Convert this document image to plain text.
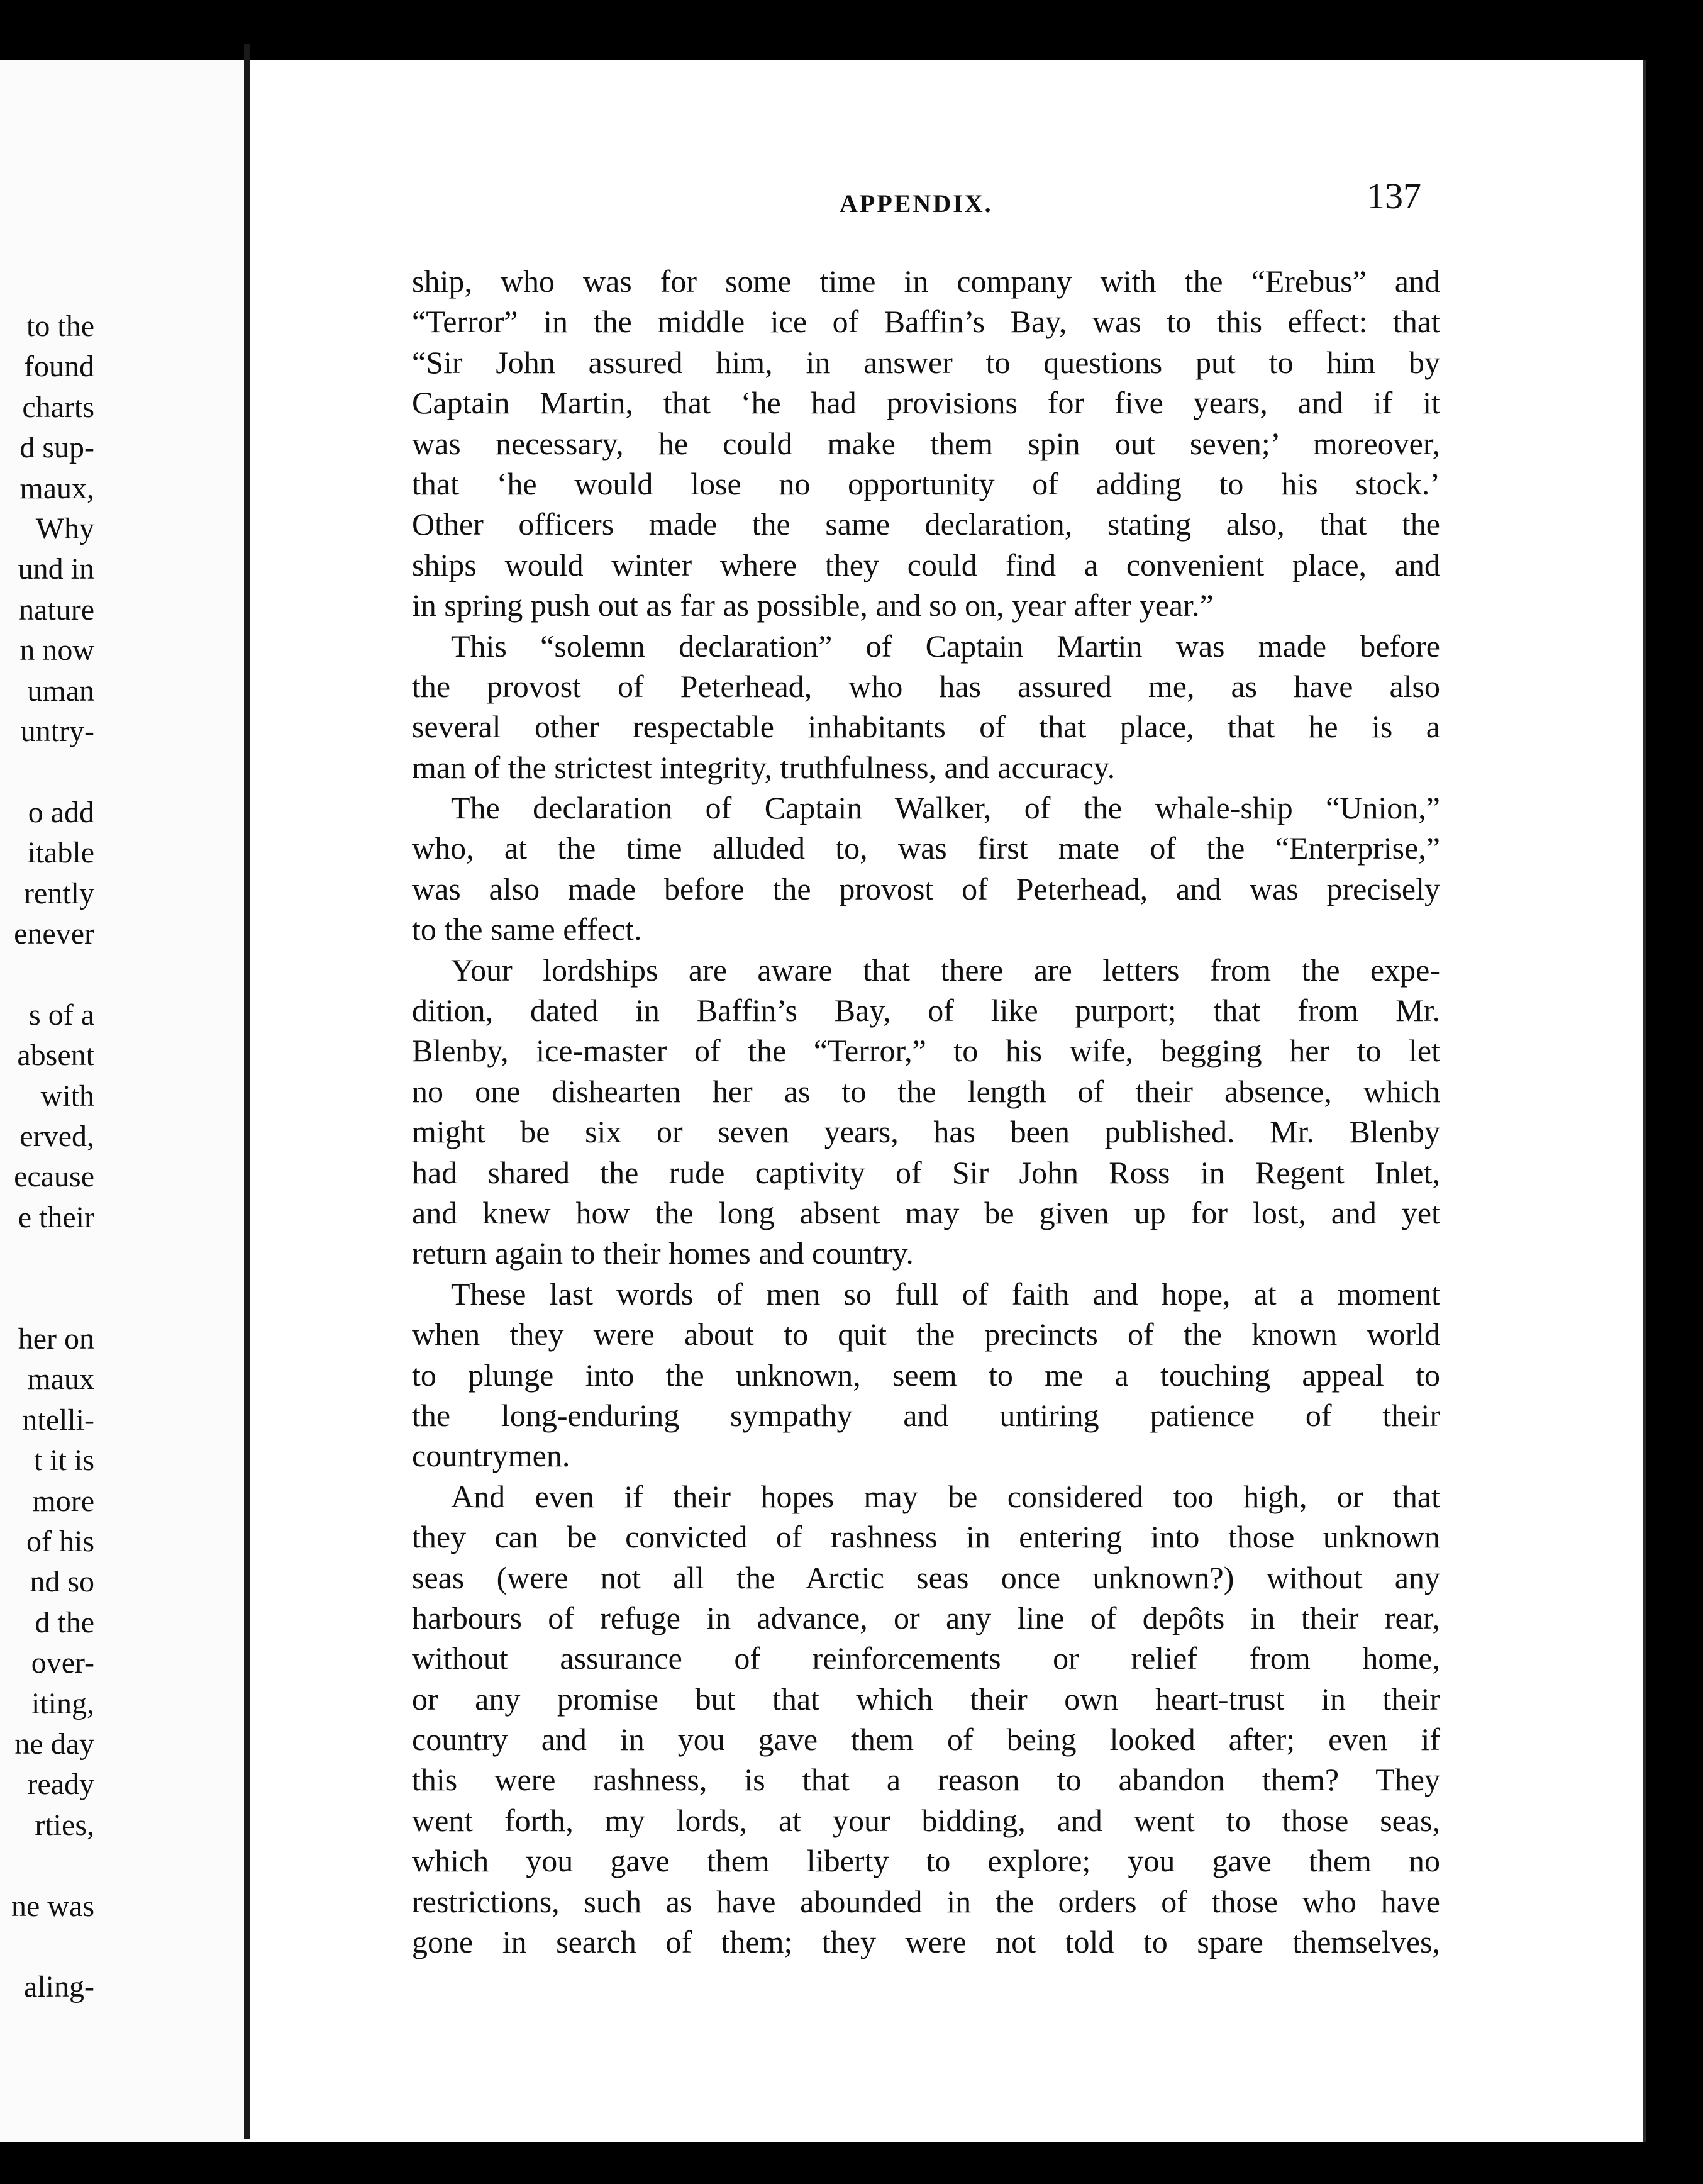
to the
found
charts
d sup-
maux,
Why
und in
nature
n now
uman
untry-
o add
itable
rently
enever
s of a
absent
with
erved,
ecause
e their
her on
maux
ntelli-
t it is
more
of his
nd so
d the
over-
iting,
ne day
ready
rties,
ne was
aling-
APPENDIX.	137
ship, who was for some time in company with the “Erebus” and
“Terror” in the middle ice of Baffin’s Bay, was to this effect: that
“Sir John assured him, in answer to questions put to him by
Captain Martin, that ‘he had provisions for five years, and if it
was necessary, he could make them spin out seven;’ moreover,
that ‘he would lose no opportunity of adding to his stock.’
Other officers made the same declaration, stating also, that the
ships would winter where they could find a convenient place, and
in spring push out as far as possible, and so on, year after year.”
This “solemn declaration” of Captain Martin was made before
the provost of Peterhead, who has assured me, as have also
several other respectable inhabitants of that place, that he is a
man of the strictest integrity, truthfulness, and accuracy.
The declaration of Captain Walker, of the whale-ship “Union,”
who, at the time alluded to, was first mate of the “Enterprise,”
was also made before the provost of Peterhead, and was precisely
to the same effect.
Your lordships are aware that there are letters from the expe-
dition, dated in Baffin’s Bay, of like purport; that from Mr.
Blenby, ice-master of the “Terror,” to his wife, begging her to let
no one dishearten her as to the length of their absence, which
might be six or seven years, has been published. Mr. Blenby
had shared the rude captivity of Sir John Ross in Regent Inlet,
and knew how the long absent may be given up for lost, and yet
return again to their homes and country.
These last words of men so full of faith and hope, at a moment
when they were about to quit the precincts of the known world
to plunge into the unknown, seem to me a touching appeal to
the long-enduring sympathy and untiring patience of their
countrymen.
And even if their hopes may be considered too high, or that
they can be convicted of rashness in entering into those unknown
seas (were not all the Arctic seas once unknown?) without any
harbours of refuge in advance, or any line of depôts in their rear,
without assurance of reinforcements or relief from home,
or any promise but that which their own heart-trust in their
country and in you gave them of being looked after; even if
this were rashness, is that a reason to abandon them? They
went forth, my lords, at your bidding, and went to those seas,
which you gave them liberty to explore; you gave them no
restrictions, such as have abounded in the orders of those who have
gone in search of them; they were not told to spare themselves,
